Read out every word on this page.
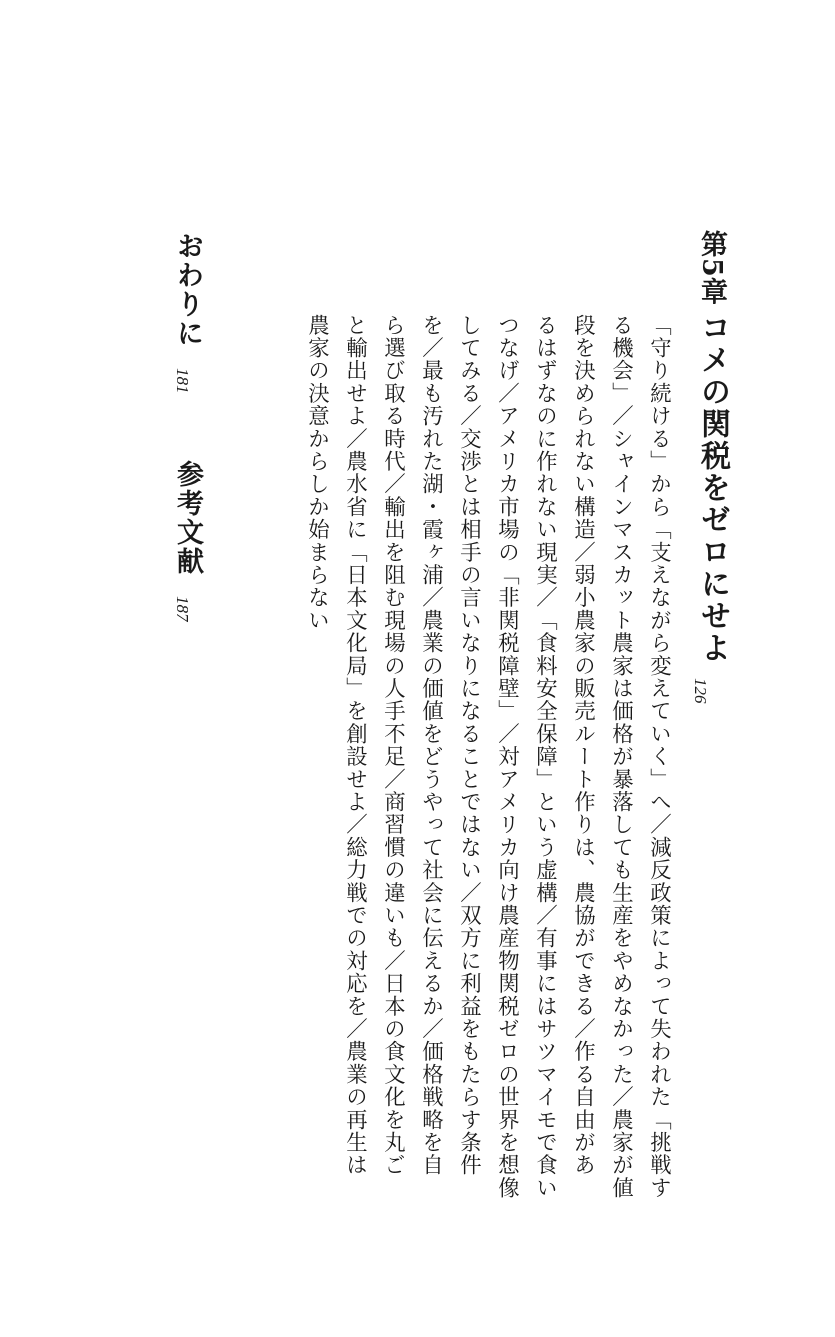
第5章
コメの関税をゼロにせよ
126
「守り続ける」から「支えながら変えていく」へ／減反政策によって失われた「挑戦す
る機会」／シャインマスカット農家は価格が暴落しても生産をやめなかった／農家が値
段を決められない構造／弱小農家の販売ルート作りは、農協ができる／作る自由があ
るはずなのに作れない現実／「食料安全保障」という虚構／有事にはサツマイモで食い
つなげ／アメリカ市場の「非関税障壁」／対アメリカ向け農産物関税ゼロの世界を想像
してみる／交渉とは相手の言いなりになることではない／双方に利益をもたらす条件
を／最も汚れた湖・霞ヶ浦／農業の価値をどうやって社会に伝えるか／価格戦略を自
ら選び取る時代／輸出を阻む現場の人手不足／商習慣の違いも／日本の食文化を丸ご
と輸出せよ／農水省に「日本文化局」を創設せよ／総力戦での対応を／農業の再生は
農家の決意からしか始まらない
おわりに
181
参考文献
187
